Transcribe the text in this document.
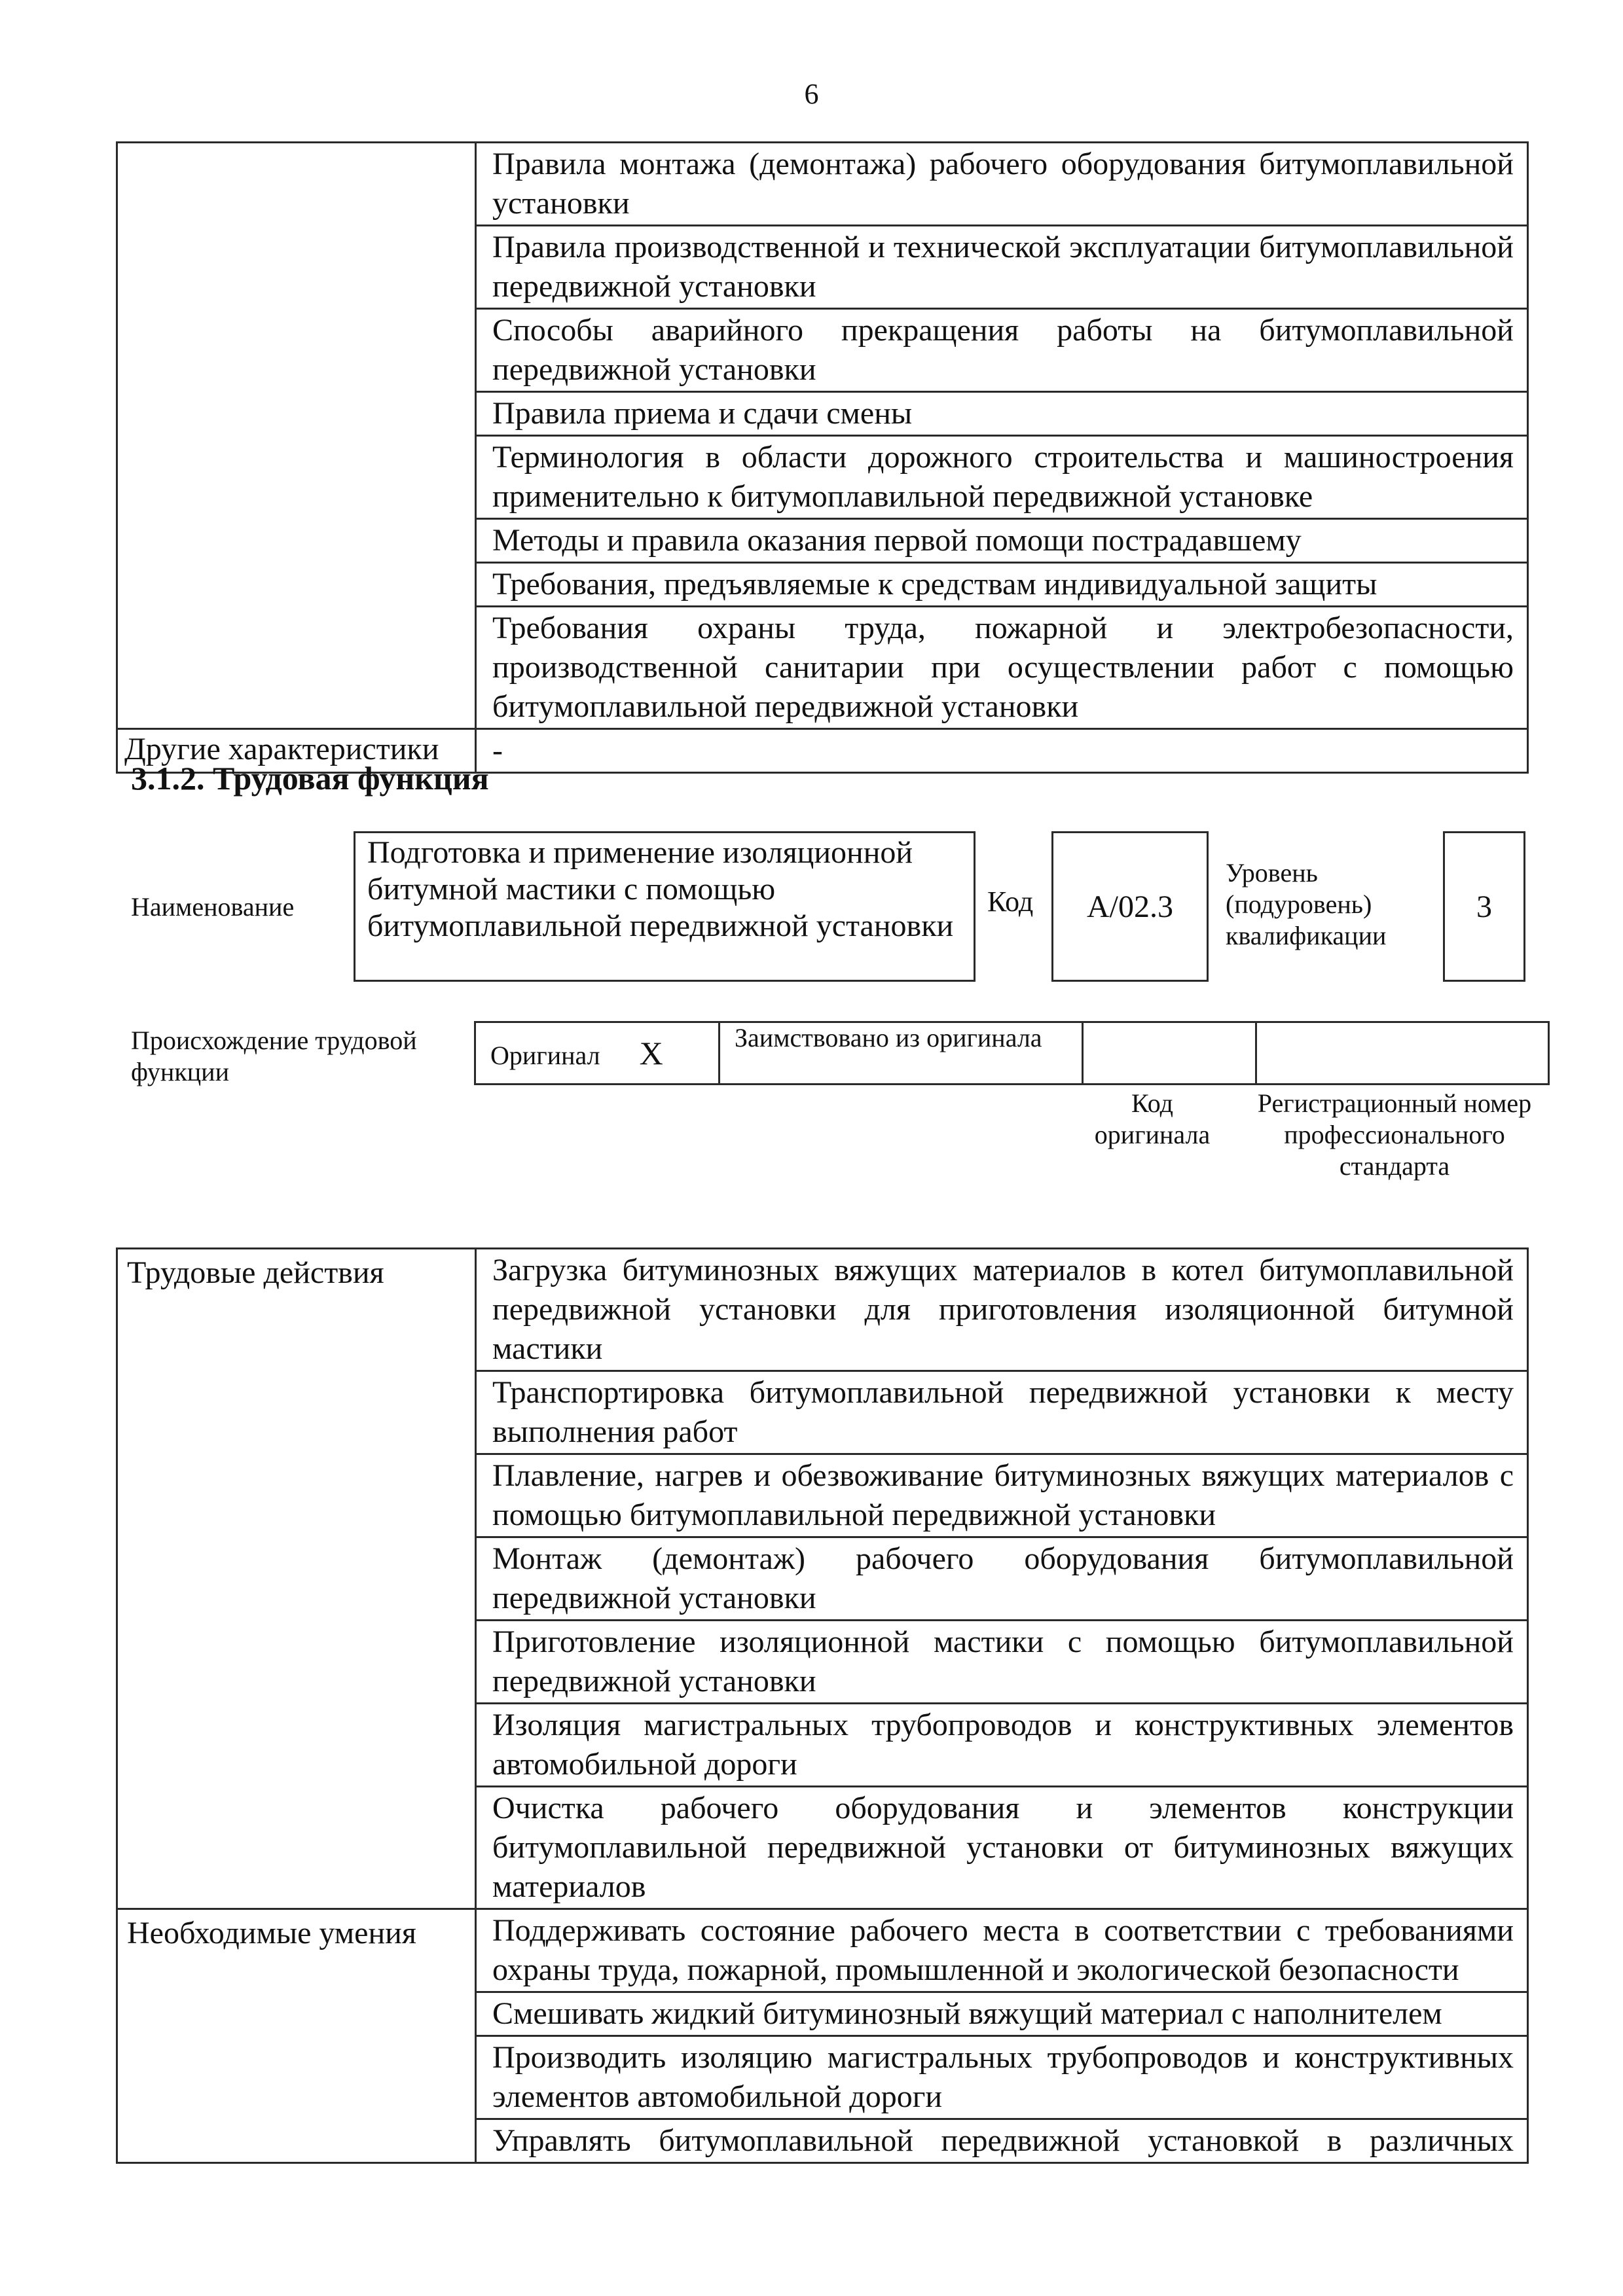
6
	Правила монтажа (демонтажа) рабочего оборудования битумоплавильной установки
	Правила производственной и технической эксплуатации битумоплавильной передвижной установки
	Способы аварийного прекращения работы на битумоплавильной передвижной установки
	Правила приема и сдачи смены
	Терминология в области дорожного строительства и машиностроения применительно к битумоплавильной передвижной установке
	Методы и правила оказания первой помощи пострадавшему
	Требования, предъявляемые к средствам индивидуальной защиты
	Требования охраны труда, пожарной и электробезопасности, производственной санитарии при осуществлении работ с помощью битумоплавильной передвижной установки
Другие характеристики	-
3.1.2. Трудовая функция
Наименование
Подготовка и применение изоляционной битумной мастики с помощью битумоплавильной передвижной установки
Код	A/02.3
Уровень (подуровень) квалификации
3
Происхождение трудовой функции
Оригинал X	Заимствовано из оригинала		
Код оригинала
Регистрационный номер профессионального стандарта
Трудовые действия	Загрузка битуминозных вяжущих материалов в котел битумоплавильной передвижной установки для приготовления изоляционной битумной мастики
	Транспортировка битумоплавильной передвижной установки к месту выполнения работ
	Плавление, нагрев и обезвоживание битуминозных вяжущих материалов с помощью битумоплавильной передвижной установки
	Монтаж (демонтаж) рабочего оборудования битумоплавильной передвижной установки
	Приготовление изоляционной мастики с помощью битумоплавильной передвижной установки
	Изоляция магистральных трубопроводов и конструктивных элементов автомобильной дороги
	Очистка рабочего оборудования и элементов конструкции битумоплавильной передвижной установки от битуминозных вяжущих материалов
Необходимые умения	Поддерживать состояние рабочего места в соответствии с требованиями охраны труда, пожарной, промышленной и экологической безопасности
	Смешивать жидкий битуминозный вяжущий материал с наполнителем
	Производить изоляцию магистральных трубопроводов и конструктивных элементов автомобильной дороги
	Управлять битумоплавильной передвижной установкой в различных
